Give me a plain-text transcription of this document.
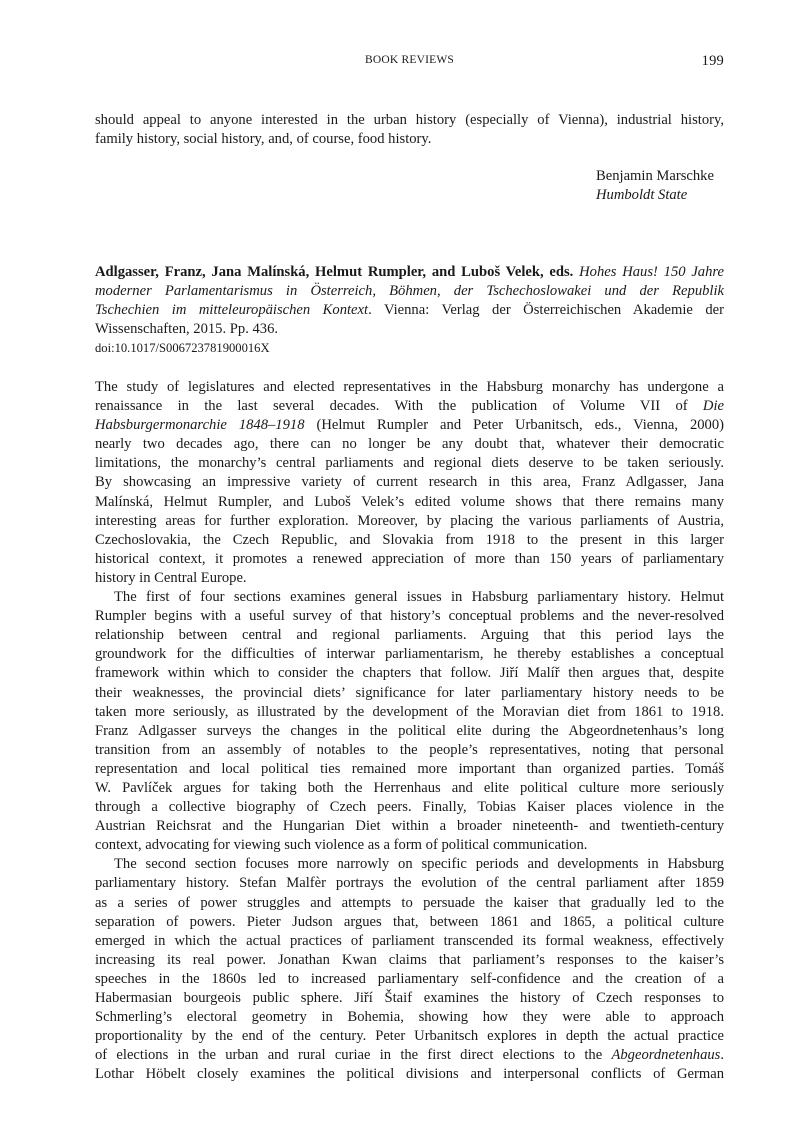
BOOK REVIEWS	199
should appeal to anyone interested in the urban history (especially of Vienna), industrial history,
family history, social history, and, of course, food history.
Benjamin Marschke
Humboldt State
Adlgasser, Franz, Jana Malínská, Helmut Rumpler, and Luboš Velek, eds. Hohes Haus! 150 Jahre
moderner Parlamentarismus in Österreich, Böhmen, der Tschechoslowakei und der Republik
Tschechien im mitteleuropäischen Kontext. Vienna: Verlag der Österreichischen Akademie der
Wissenschaften, 2015. Pp. 436.
doi:10.1017/S006723781900016X
The study of legislatures and elected representatives in the Habsburg monarchy has undergone a
renaissance in the last several decades. With the publication of Volume VII of Die
Habsburgermonarchie 1848–1918 (Helmut Rumpler and Peter Urbanitsch, eds., Vienna, 2000)
nearly two decades ago, there can no longer be any doubt that, whatever their democratic
limitations, the monarchy’s central parliaments and regional diets deserve to be taken seriously.
By showcasing an impressive variety of current research in this area, Franz Adlgasser, Jana
Malínská, Helmut Rumpler, and Luboš Velek’s edited volume shows that there remains many
interesting areas for further exploration. Moreover, by placing the various parliaments of Austria,
Czechoslovakia, the Czech Republic, and Slovakia from 1918 to the present in this larger
historical context, it promotes a renewed appreciation of more than 150 years of parliamentary
history in Central Europe.
The first of four sections examines general issues in Habsburg parliamentary history. Helmut
Rumpler begins with a useful survey of that history’s conceptual problems and the never-resolved
relationship between central and regional parliaments. Arguing that this period lays the
groundwork for the difficulties of interwar parliamentarism, he thereby establishes a conceptual
framework within which to consider the chapters that follow. Jiří Malíř then argues that, despite
their weaknesses, the provincial diets’ significance for later parliamentary history needs to be
taken more seriously, as illustrated by the development of the Moravian diet from 1861 to 1918.
Franz Adlgasser surveys the changes in the political elite during the Abgeordnetenhaus’s long
transition from an assembly of notables to the people’s representatives, noting that personal
representation and local political ties remained more important than organized parties. Tomáš
W. Pavlíček argues for taking both the Herrenhaus and elite political culture more seriously
through a collective biography of Czech peers. Finally, Tobias Kaiser places violence in the
Austrian Reichsrat and the Hungarian Diet within a broader nineteenth- and twentieth-century
context, advocating for viewing such violence as a form of political communication.
The second section focuses more narrowly on specific periods and developments in Habsburg
parliamentary history. Stefan Malfèr portrays the evolution of the central parliament after 1859
as a series of power struggles and attempts to persuade the kaiser that gradually led to the
separation of powers. Pieter Judson argues that, between 1861 and 1865, a political culture
emerged in which the actual practices of parliament transcended its formal weakness, effectively
increasing its real power. Jonathan Kwan claims that parliament’s responses to the kaiser’s
speeches in the 1860s led to increased parliamentary self-confidence and the creation of a
Habermasian bourgeois public sphere. Jiří Štaif examines the history of Czech responses to
Schmerling’s electoral geometry in Bohemia, showing how they were able to approach
proportionality by the end of the century. Peter Urbanitsch explores in depth the actual practice
of elections in the urban and rural curiae in the first direct elections to the Abgeordnetenhaus.
Lothar Höbelt closely examines the political divisions and interpersonal conflicts of German
